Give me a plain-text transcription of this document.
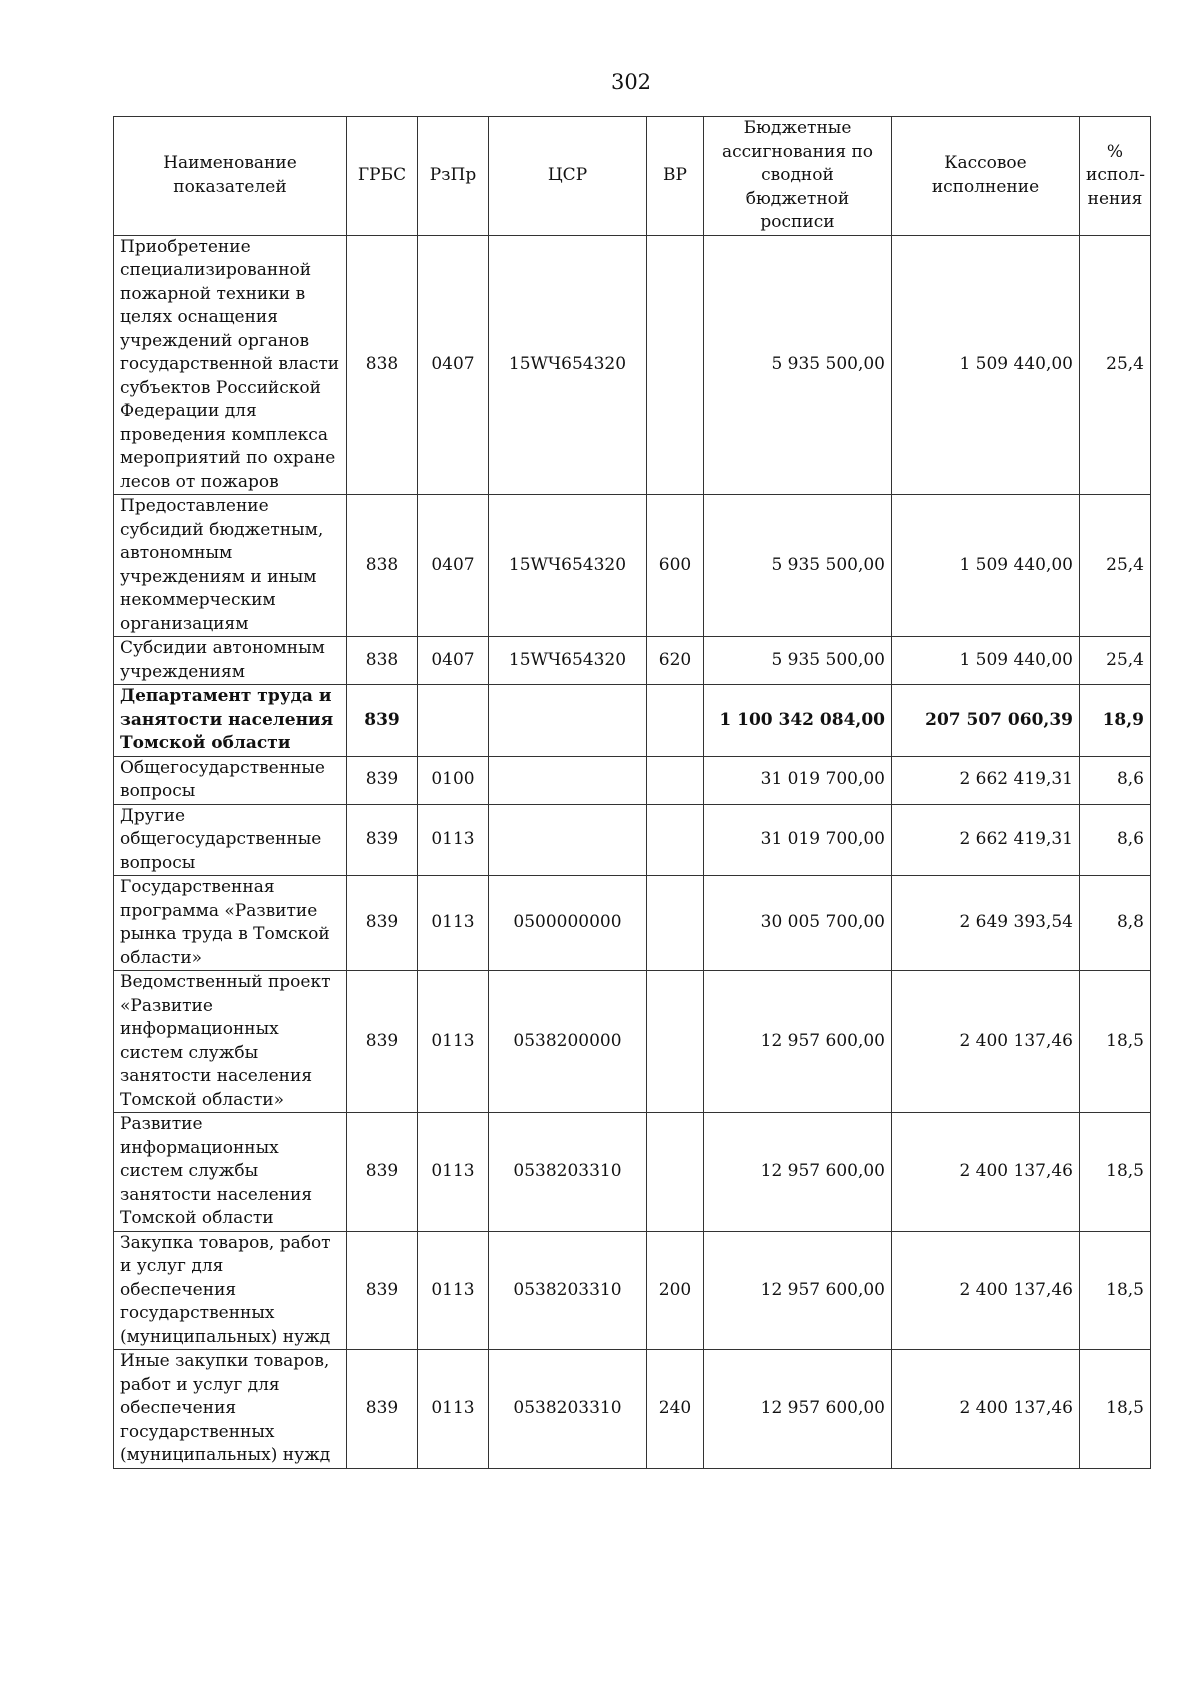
302
Наименование показателей	ГРБС	РзПр	ЦСР	ВР	Бюджетные ассигнования по сводной бюджетной росписи	Кассовое исполнение	% испол-нения
Приобретение специализированной пожарной техники в целях оснащения учреждений органов государственной власти субъектов Российской Федерации для проведения комплекса мероприятий по охране лесов от пожаров	838	0407	15WЧ654320		5 935 500,00	1 509 440,00	25,4
Предоставление субсидий бюджетным, автономным учреждениям и иным некоммерческим организациям	838	0407	15WЧ654320	600	5 935 500,00	1 509 440,00	25,4
Субсидии автономным учреждениям	838	0407	15WЧ654320	620	5 935 500,00	1 509 440,00	25,4
Департамент труда и занятости населения Томской области	839				1 100 342 084,00	207 507 060,39	18,9
Общегосударственные вопросы	839	0100			31 019 700,00	2 662 419,31	8,6
Другие общегосударственные вопросы	839	0113			31 019 700,00	2 662 419,31	8,6
Государственная программа «Развитие рынка труда в Томской области»	839	0113	0500000000		30 005 700,00	2 649 393,54	8,8
Ведомственный проект «Развитие информационных систем службы занятости населения Томской области»	839	0113	0538200000		12 957 600,00	2 400 137,46	18,5
Развитие информационных систем службы занятости населения Томской области	839	0113	0538203310		12 957 600,00	2 400 137,46	18,5
Закупка товаров, работ и услуг для обеспечения государственных (муниципальных) нужд	839	0113	0538203310	200	12 957 600,00	2 400 137,46	18,5
Иные закупки товаров, работ и услуг для обеспечения государственных (муниципальных) нужд	839	0113	0538203310	240	12 957 600,00	2 400 137,46	18,5
